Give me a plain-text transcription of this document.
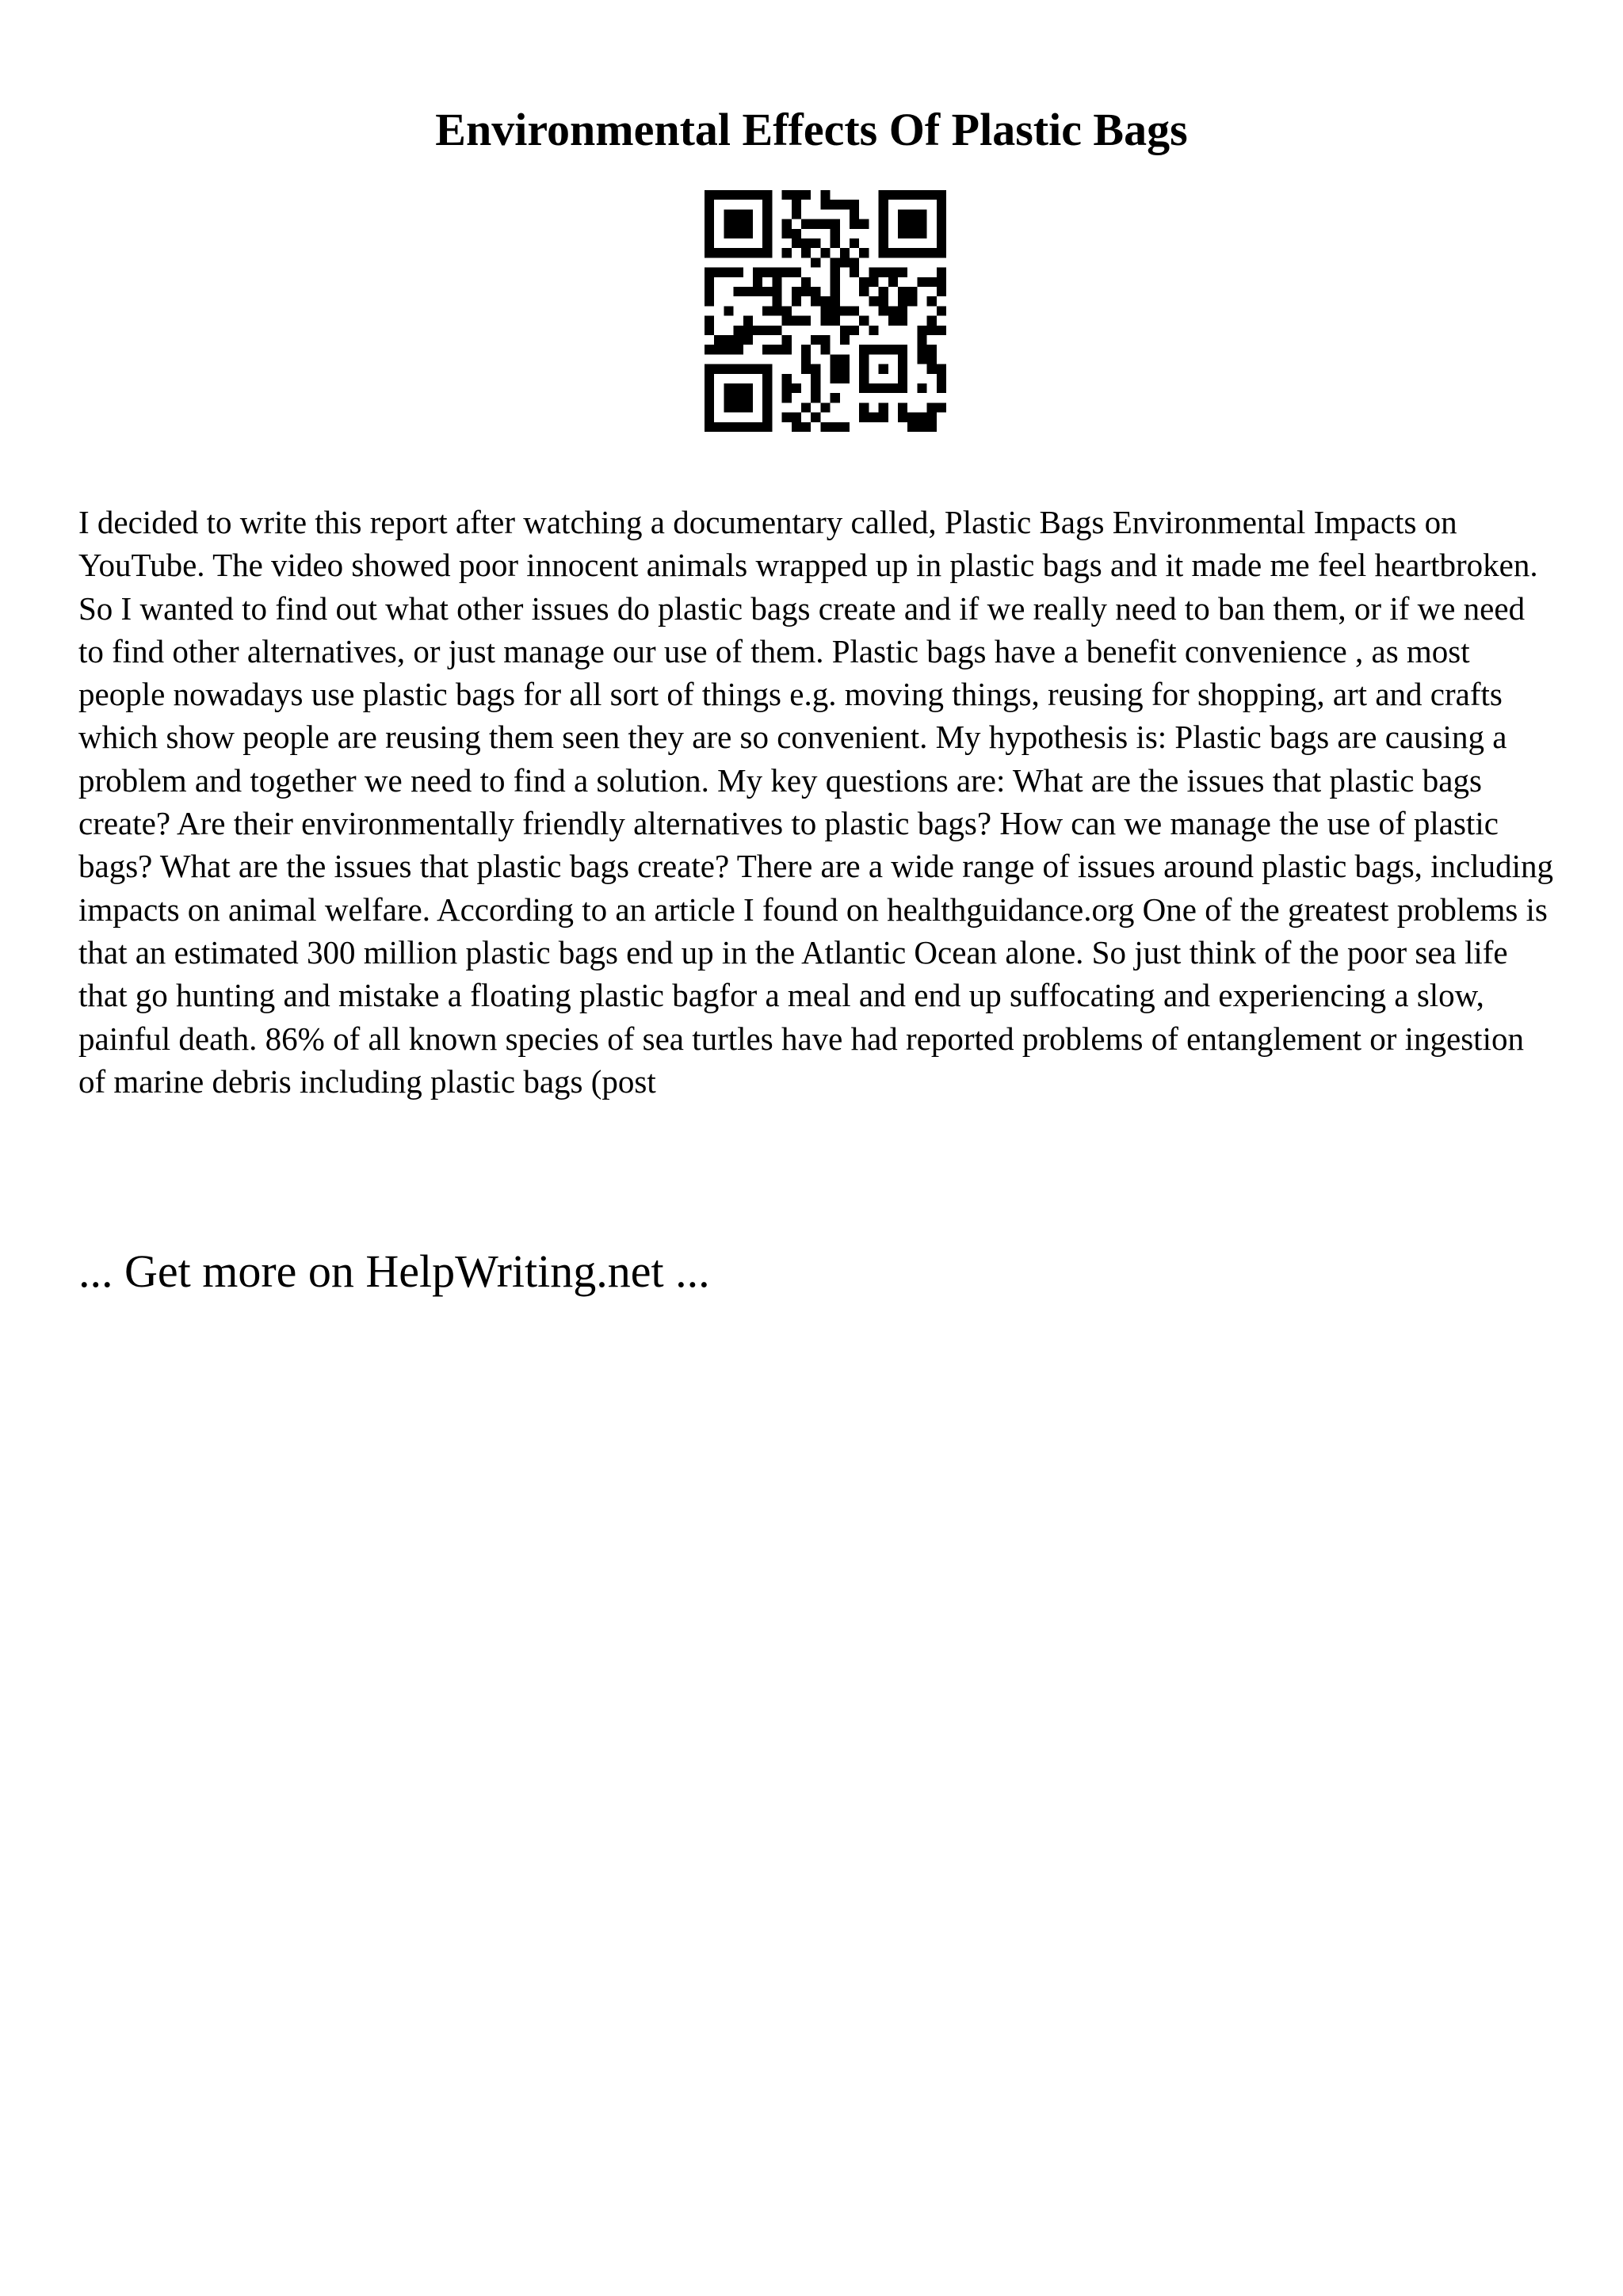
Environmental Effects Of Plastic Bags

I decided to write this report after watching a documentary called, Plastic Bags Environmental Impacts on YouTube. The video showed poor innocent animals wrapped up in plastic bags and it made me feel heartbroken. So I wanted to find out what other issues do plastic bags create and if we really need to ban them, or if we need to find other alternatives, or just manage our use of them. Plastic bags have a benefit convenience , as most people nowadays use plastic bags for all sort of things e.g. moving things, reusing for shopping, art and crafts which show people are reusing them seen they are so convenient. My hypothesis is: Plastic bags are causing a problem and together we need to find a solution. My key questions are: What are the issues that plastic bags create? Are their environmentally friendly alternatives to plastic bags? How can we manage the use of plastic bags? What are the issues that plastic bags create? There are a wide range of issues around plastic bags, including impacts on animal welfare. According to an article I found on healthguidance.org One of the greatest problems is that an estimated 300 million plastic bags end up in the Atlantic Ocean alone. So just think of the poor sea life that go hunting and mistake a floating plastic bagfor a meal and end up suffocating and experiencing a slow, painful death. 86% of all known species of sea turtles have had reported problems of entanglement or ingestion of marine debris including plastic bags (post

... Get more on HelpWriting.net ...
